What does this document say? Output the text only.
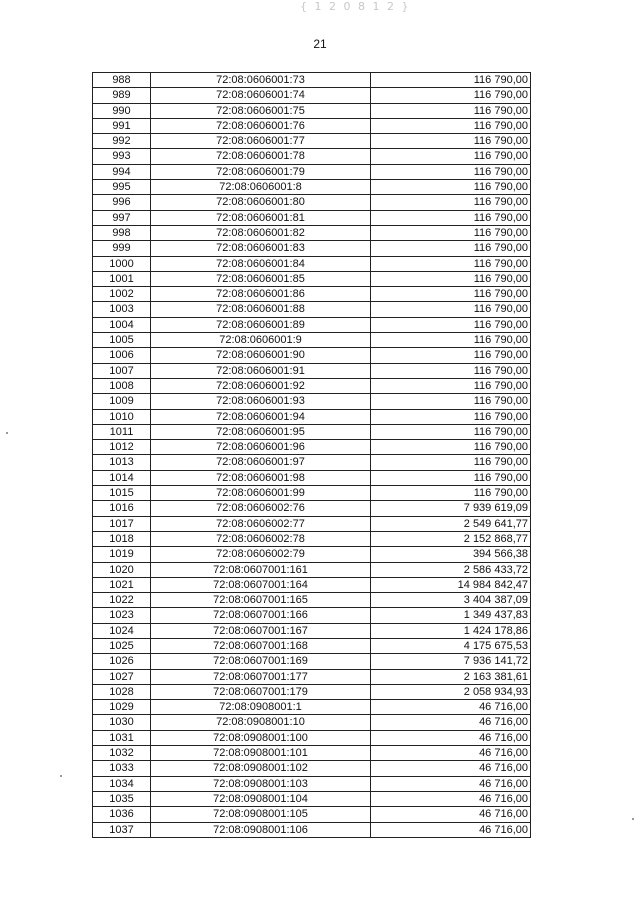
{ 1 2 0 8 1 2 }
21
988	72:08:0606001:73	116 790,00
989	72:08:0606001:74	116 790,00
990	72:08:0606001:75	116 790,00
991	72:08:0606001:76	116 790,00
992	72:08:0606001:77	116 790,00
993	72:08:0606001:78	116 790,00
994	72:08:0606001:79	116 790,00
995	72:08:0606001:8	116 790,00
996	72:08:0606001:80	116 790,00
997	72:08:0606001:81	116 790,00
998	72:08:0606001:82	116 790,00
999	72:08:0606001:83	116 790,00
1000	72:08:0606001:84	116 790,00
1001	72:08:0606001:85	116 790,00
1002	72:08:0606001:86	116 790,00
1003	72:08:0606001:88	116 790,00
1004	72:08:0606001:89	116 790,00
1005	72:08:0606001:9	116 790,00
1006	72:08:0606001:90	116 790,00
1007	72:08:0606001:91	116 790,00
1008	72:08:0606001:92	116 790,00
1009	72:08:0606001:93	116 790,00
1010	72:08:0606001:94	116 790,00
1011	72:08:0606001:95	116 790,00
1012	72:08:0606001:96	116 790,00
1013	72:08:0606001:97	116 790,00
1014	72:08:0606001:98	116 790,00
1015	72:08:0606001:99	116 790,00
1016	72:08:0606002:76	7 939 619,09
1017	72:08:0606002:77	2 549 641,77
1018	72:08:0606002:78	2 152 868,77
1019	72:08:0606002:79	394 566,38
1020	72:08:0607001:161	2 586 433,72
1021	72:08:0607001:164	14 984 842,47
1022	72:08:0607001:165	3 404 387,09
1023	72:08:0607001:166	1 349 437,83
1024	72:08:0607001:167	1 424 178,86
1025	72:08:0607001:168	4 175 675,53
1026	72:08:0607001:169	7 936 141,72
1027	72:08:0607001:177	2 163 381,61
1028	72:08:0607001:179	2 058 934,93
1029	72:08:0908001:1	46 716,00
1030	72:08:0908001:10	46 716,00
1031	72:08:0908001:100	46 716,00
1032	72:08:0908001:101	46 716,00
1033	72:08:0908001:102	46 716,00
1034	72:08:0908001:103	46 716,00
1035	72:08:0908001:104	46 716,00
1036	72:08:0908001:105	46 716,00
1037	72:08:0908001:106	46 716,00
